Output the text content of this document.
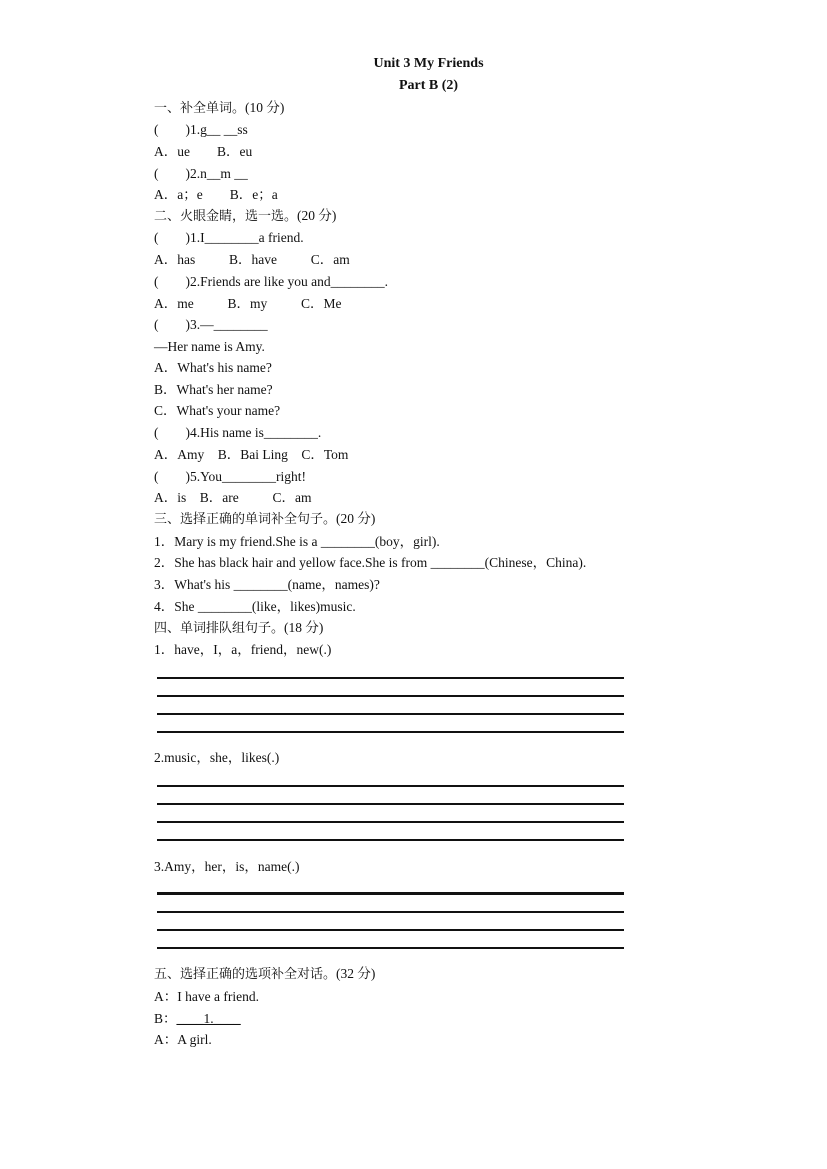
Unit 3 My Friends
Part B (2)
一、补全单词。(10 分)
(        )1.g__ __ss
A．ue        B．eu
(        )2.n__m __
A．a；e        B．e；a
二、火眼金睛，选一选。(20 分)
(        )1.I________a friend.
A．has          B．have          C．am
(        )2.Friends are like you and________.
A．me          B．my          C．Me
(        )3.—________
—Her name is Amy.
A．What's his name?
B．What's her name?
C．What's your name?
(        )4.His name is________.
A．Amy    B．Bai Ling    C．Tom
(        )5.You________right!
A．is    B．are          C．am
三、选择正确的单词补全句子。(20 分)
1．Mary is my friend.She is a ________(boy，girl).
2．She has black hair and yellow face.She is from ________(Chinese，China).
3．What's his ________(name，names)?
4．She ________(like，likes)music.
四、单词排队组句子。(18 分)
1．have，I，a，friend，new(.)
2.music，she，likes(.)
3.Amy，her，is，name(.)
五、选择正确的选项补全对话。(32 分)
A：I have a friend.
B：____1.____
A：A girl.
